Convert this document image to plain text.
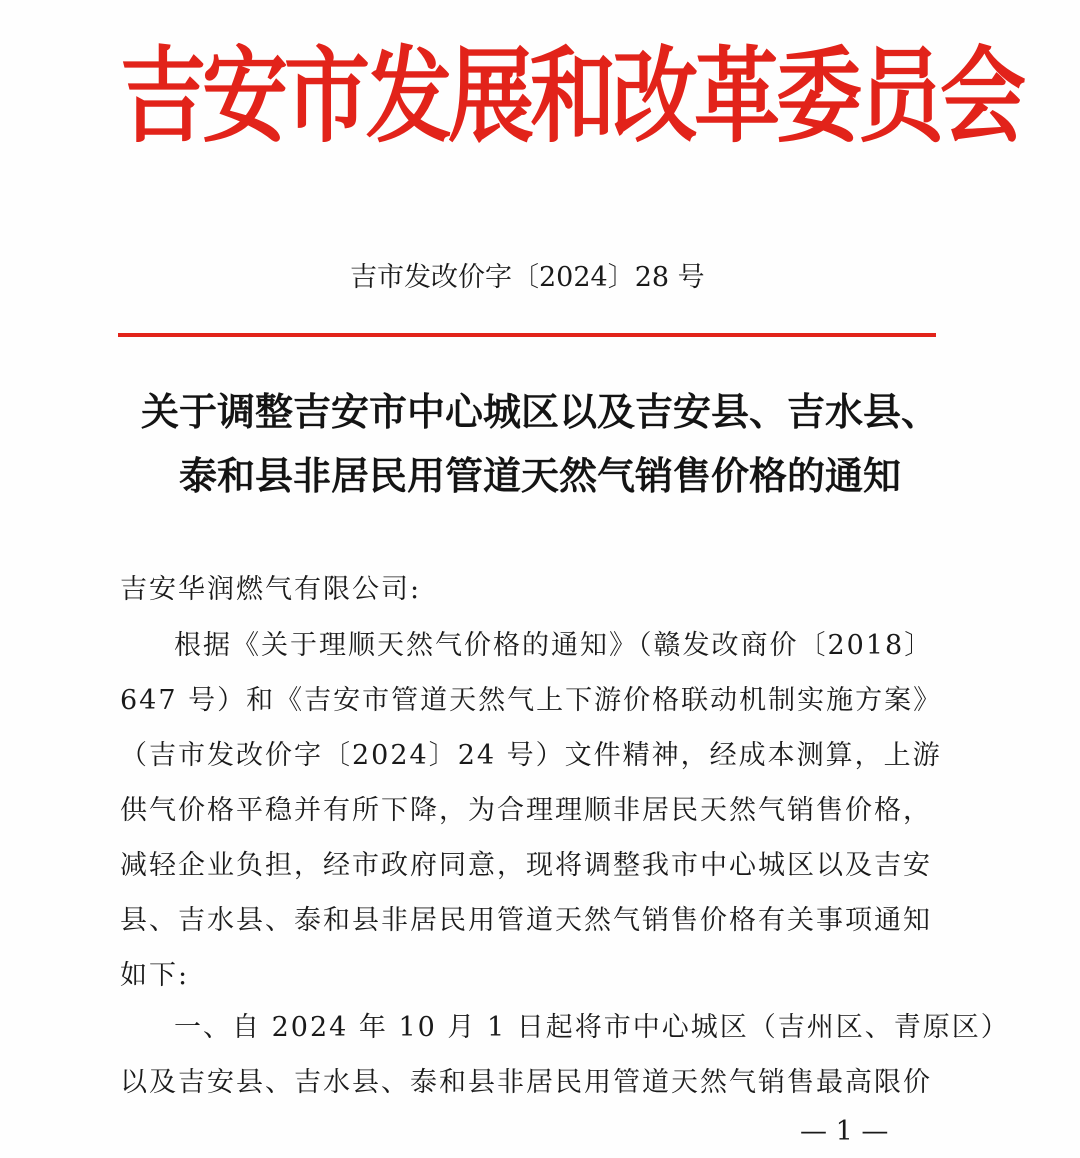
吉安市发展和改革委员会
吉市发改价字〔2024〕28 号
关于调整吉安市中心城区以及吉安县、吉水县、
泰和县非居民用管道天然气销售价格的通知
吉安华润燃气有限公司:
根据《关于理顺天然气价格的通知》（赣发改商价〔2018〕
647 号）和《吉安市管道天然气上下游价格联动机制实施方案》
（吉市发改价字〔2024〕24 号）文件精神，经成本测算，上游
供气价格平稳并有所下降，为合理理顺非居民天然气销售价格，
减轻企业负担，经市政府同意，现将调整我市中心城区以及吉安
县、吉水县、泰和县非居民用管道天然气销售价格有关事项通知
如下:
一、自 2024 年 10 月 1 日起将市中心城区（吉州区、青原区）
以及吉安县、吉水县、泰和县非居民用管道天然气销售最高限价
— 1 —
